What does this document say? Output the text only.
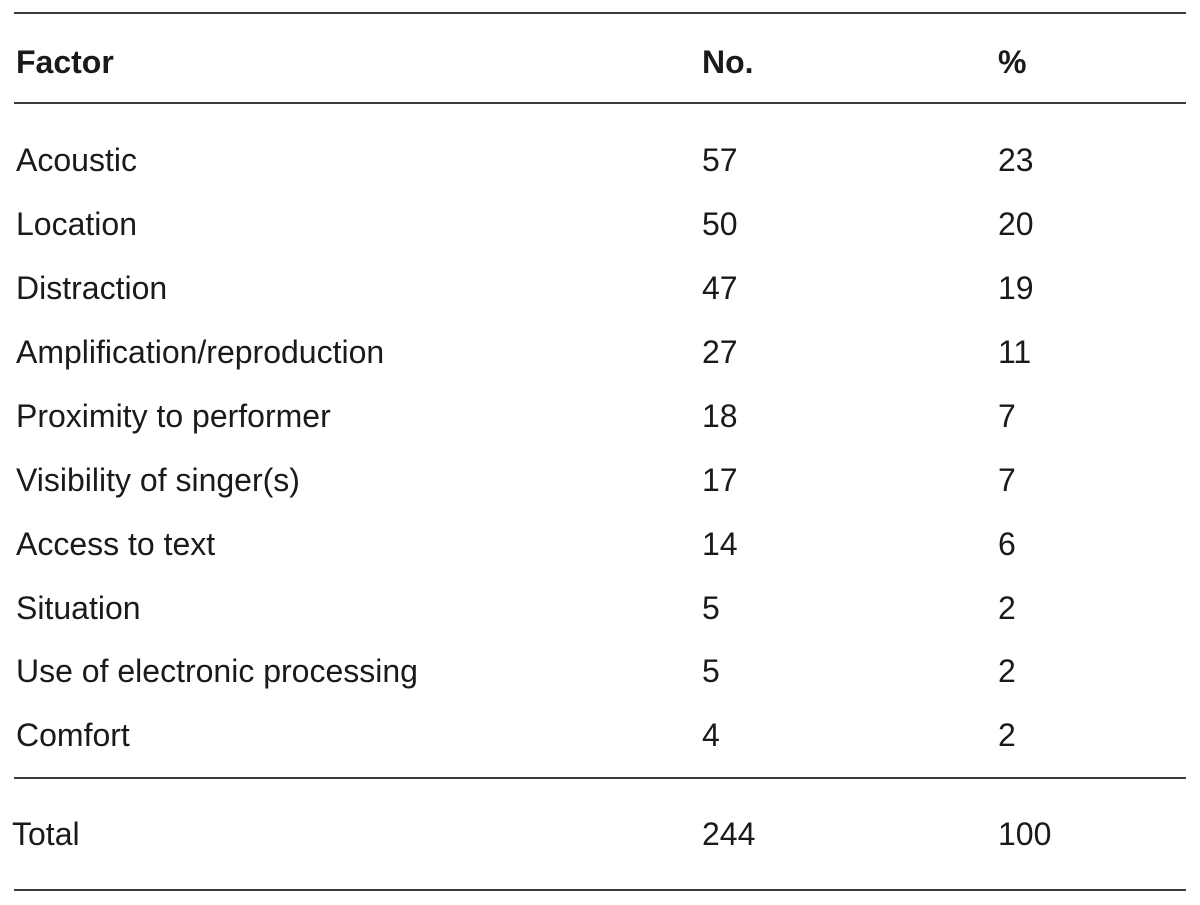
Factor	No.	%
Acoustic	57	23
Location	50	20
Distraction	47	19
Amplification/reproduction	27	11
Proximity to performer	18	7
Visibility of singer(s)	17	7
Access to text	14	6
Situation	5	2
Use of electronic processing	5	2
Comfort	4	2
Total	244	100
